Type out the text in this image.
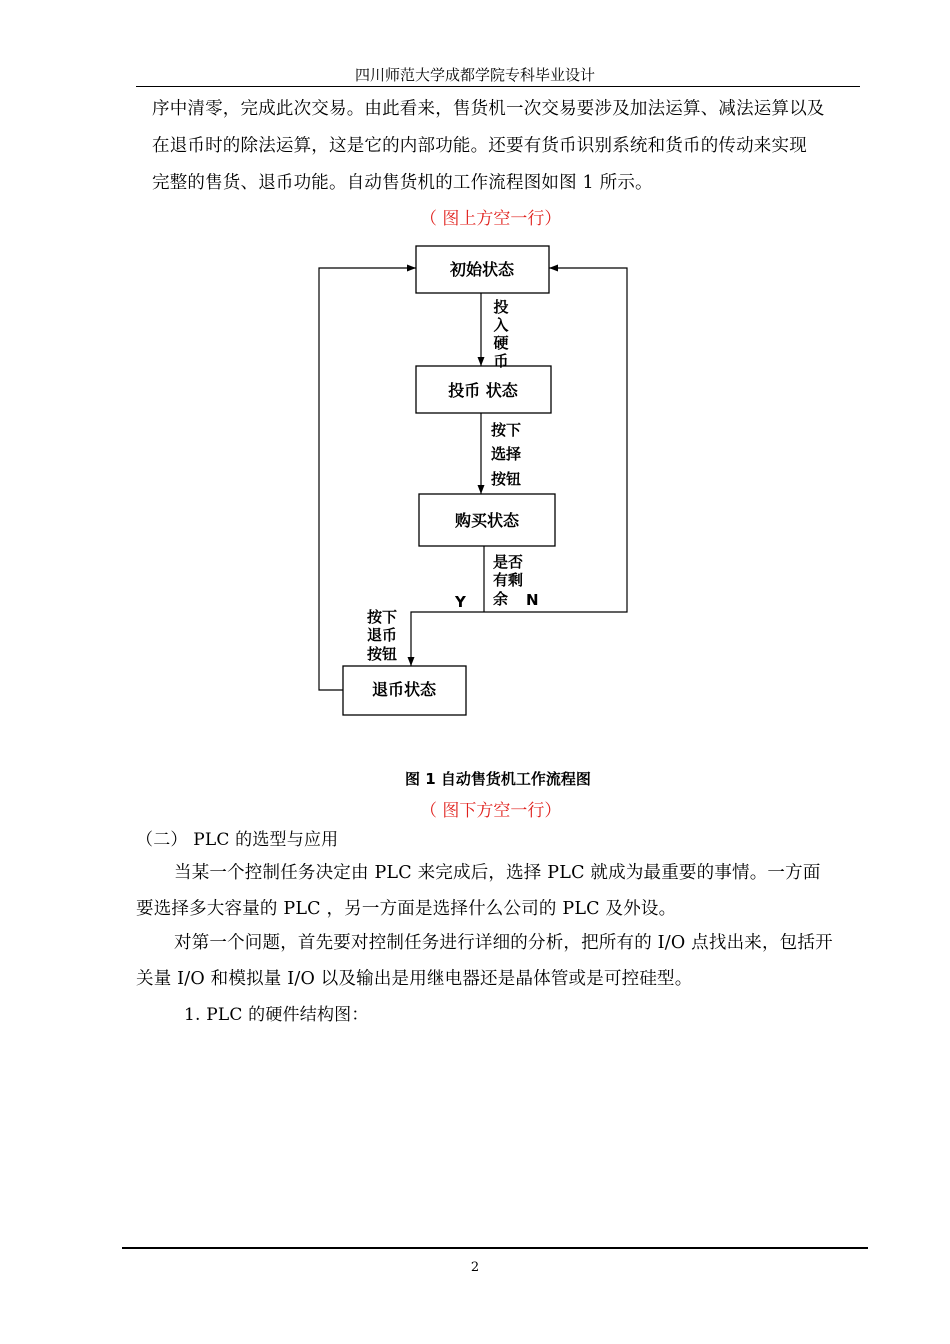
四川师范大学成都学院专科毕业设计
序中清零，完成此次交易。由此看来，售货机一次交易要涉及加法运算、减法运算以及
在退币时的除法运算，这是它的内部功能。还要有货币识别系统和货币的传动来实现
完整的售货、退币功能。自动售货机的工作流程图如图 1 所示。
（ 图上方空一行）
初始状态
投币 状态
购买状态
退币状态
投
入
硬
币
按下
选择
按钮
是否
有剩
余
Y	N
按下
退币
按钮
图 1 自动售货机工作流程图
（ 图下方空一行）
（二） PLC 的选型与应用
当某一个控制任务决定由 PLC 来完成后，选择 PLC 就成为最重要的事情。一方面
要选择多大容量的 PLC ，另一方面是选择什么公司的 PLC 及外设。
对第一个问题，首先要对控制任务进行详细的分析，把所有的 I/O 点找出来，包括开
关量 I/O 和模拟量 I/O 以及输出是用继电器还是晶体管或是可控硅型。
1. PLC 的硬件结构图：
2
